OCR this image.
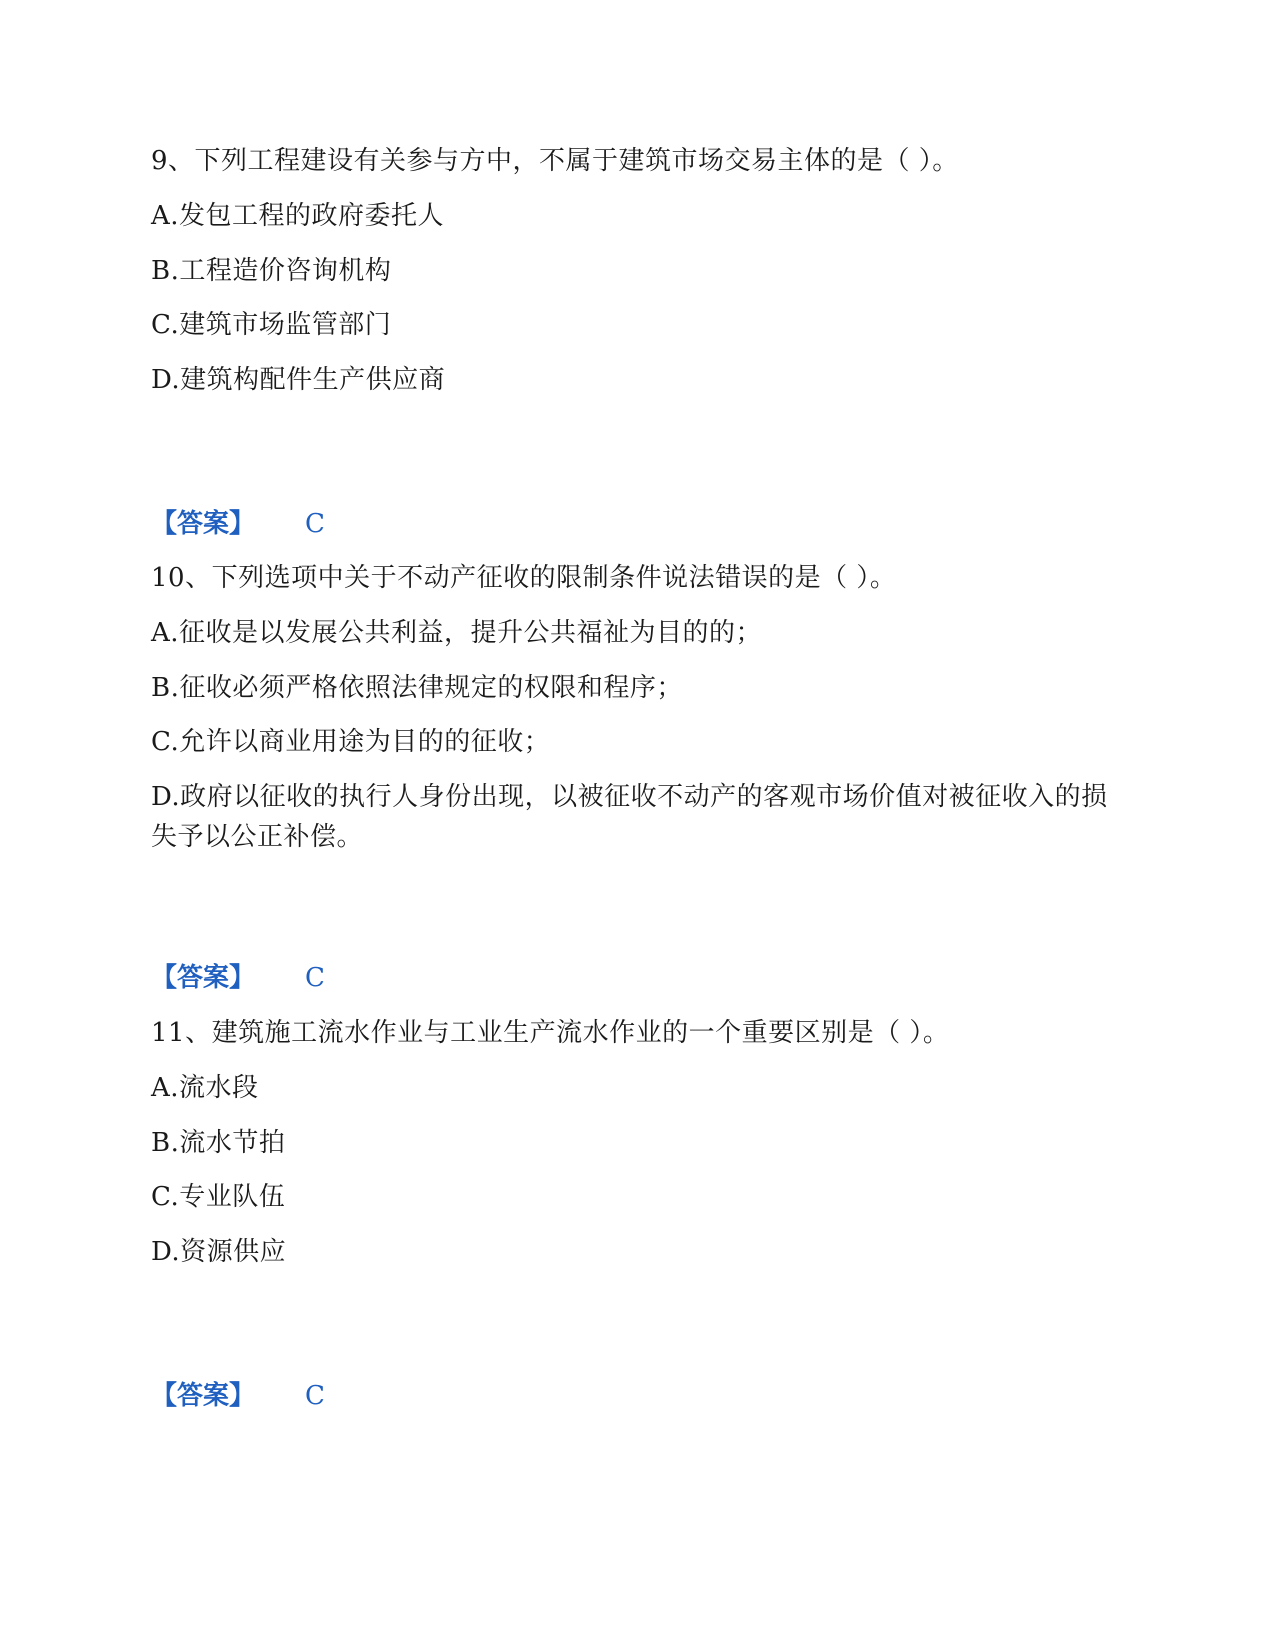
9、下列工程建设有关参与方中，不属于建筑市场交易主体的是（ ）。
A.发包工程的政府委托人
B.工程造价咨询机构
C.建筑市场监管部门
D.建筑构配件生产供应商
【答案】 C
10、下列选项中关于不动产征收的限制条件说法错误的是（ ）。
A.征收是以发展公共利益，提升公共福祉为目的的；
B.征收必须严格依照法律规定的权限和程序；
C.允许以商业用途为目的的征收；
D.政府以征收的执行人身份出现，以被征收不动产的客观市场价值对被征收入的损失予以公正补偿。
【答案】 C
11、建筑施工流水作业与工业生产流水作业的一个重要区别是（ ）。
A.流水段
B.流水节拍
C.专业队伍
D.资源供应
【答案】 C
